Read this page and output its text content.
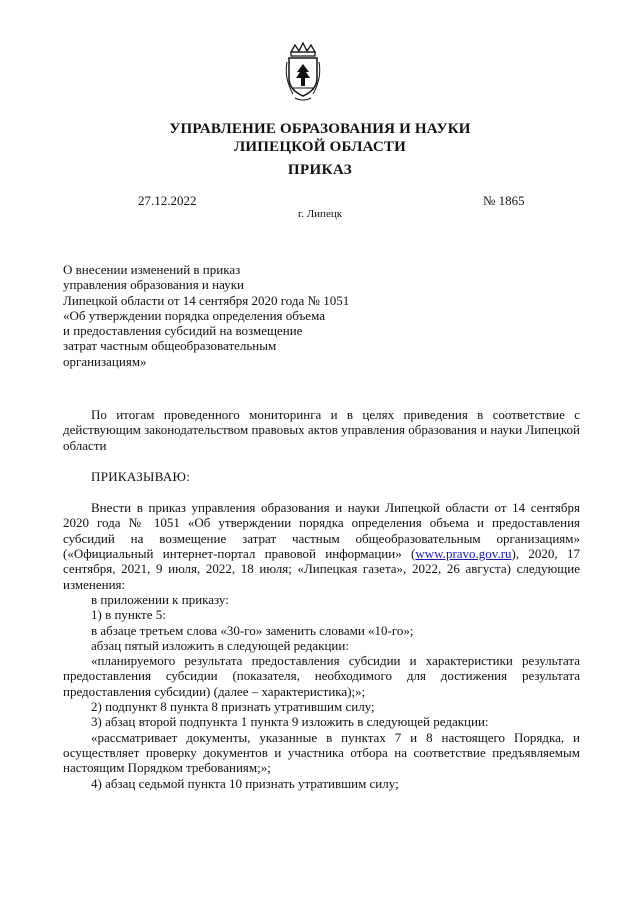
УПРАВЛЕНИЕ ОБРАЗОВАНИЯ И НАУКИ
ЛИПЕЦКОЙ ОБЛАСТИ
ПРИКАЗ
27.12.2022	№ 1865
г. Липецк
О внесении изменений в приказ
управления образования и науки
Липецкой области от 14 сентября 2020 года № 1051
«Об утверждении порядка определения объема
и предоставления субсидий на возмещение
затрат частным общеобразовательным
организациям»

По итогам проведенного мониторинга и в целях приведения в соответствие с действующим законодательством правовых актов управления образования и науки Липецкой области

ПРИКАЗЫВАЮ:

Внести в приказ управления образования и науки Липецкой области от 14 сентября 2020 года № 1051 «Об утверждении порядка определения объема и предоставления субсидий на возмещение затрат частным общеобразовательным организациям» («Официальный интернет-портал правовой информации» (www.pravo.gov.ru), 2020, 17 сентября, 2021, 9 июля, 2022, 18 июля; «Липецкая газета», 2022, 26 августа) следующие изменения:

в приложении к приказу:

1) в пункте 5:

в абзаце третьем слова «30-го» заменить словами «10-го»;

абзац пятый изложить в следующей редакции:

«планируемого результата предоставления субсидии и характеристики результата предоставления субсидии (показателя, необходимого для достижения результата предоставления субсидии) (далее – характеристика);»;

2) подпункт 8 пункта 8 признать утратившим силу;

3) абзац второй подпункта 1 пункта 9 изложить в следующей редакции:

«рассматривает документы, указанные в пунктах 7 и 8 настоящего Порядка, и осуществляет проверку документов и участника отбора на соответствие предъявляемым настоящим Порядком требованиям;»;

4) абзац седьмой пункта 10 признать утратившим силу;
